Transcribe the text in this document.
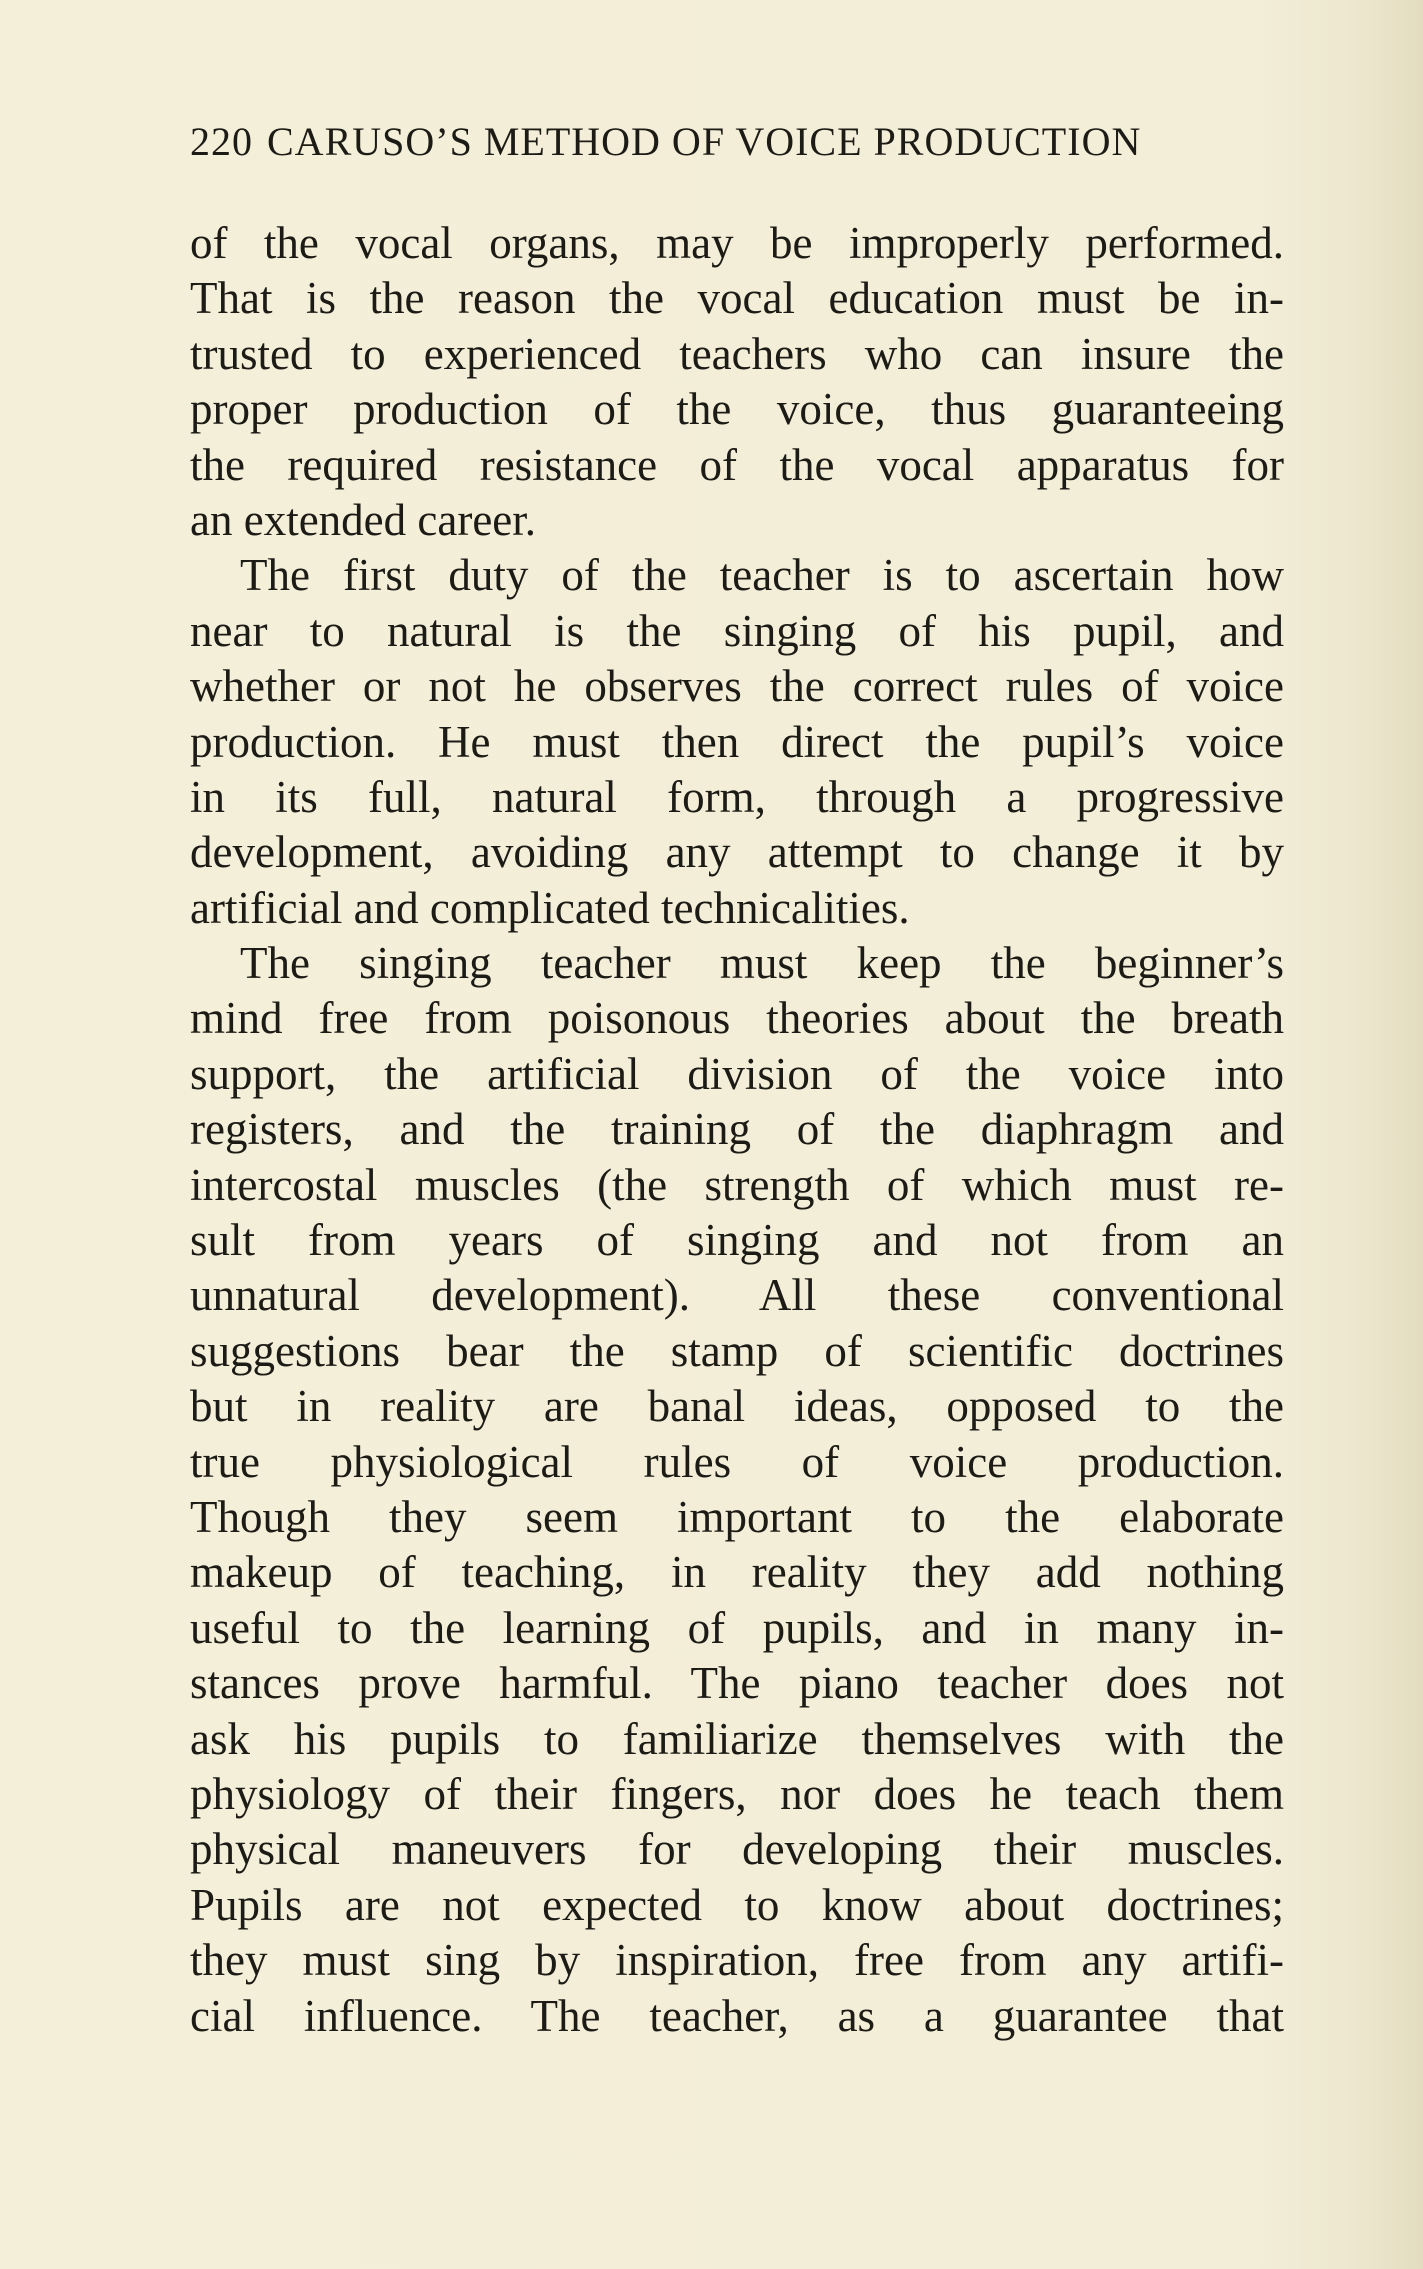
220 CARUSO’S METHOD OF VOICE PRODUCTION
of the vocal organs, may be improperly performed.
That is the reason the vocal education must be in-
trusted to experienced teachers who can insure the
proper production of the voice, thus guaranteeing
the required resistance of the vocal apparatus for
an extended career.
The first duty of the teacher is to ascertain how
near to natural is the singing of his pupil, and
whether or not he observes the correct rules of voice
production. He must then direct the pupil’s voice
in its full, natural form, through a progressive
development, avoiding any attempt to change it by
artificial and complicated technicalities.
The singing teacher must keep the beginner’s
mind free from poisonous theories about the breath
support, the artificial division of the voice into
registers, and the training of the diaphragm and
intercostal muscles (the strength of which must re-
sult from years of singing and not from an
unnatural development). All these conventional
suggestions bear the stamp of scientific doctrines
but in reality are banal ideas, opposed to the
true physiological rules of voice production.
Though they seem important to the elaborate
makeup of teaching, in reality they add nothing
useful to the learning of pupils, and in many in-
stances prove harmful. The piano teacher does not
ask his pupils to familiarize themselves with the
physiology of their fingers, nor does he teach them
physical maneuvers for developing their muscles.
Pupils are not expected to know about doctrines;
they must sing by inspiration, free from any artifi-
cial influence. The teacher, as a guarantee that
